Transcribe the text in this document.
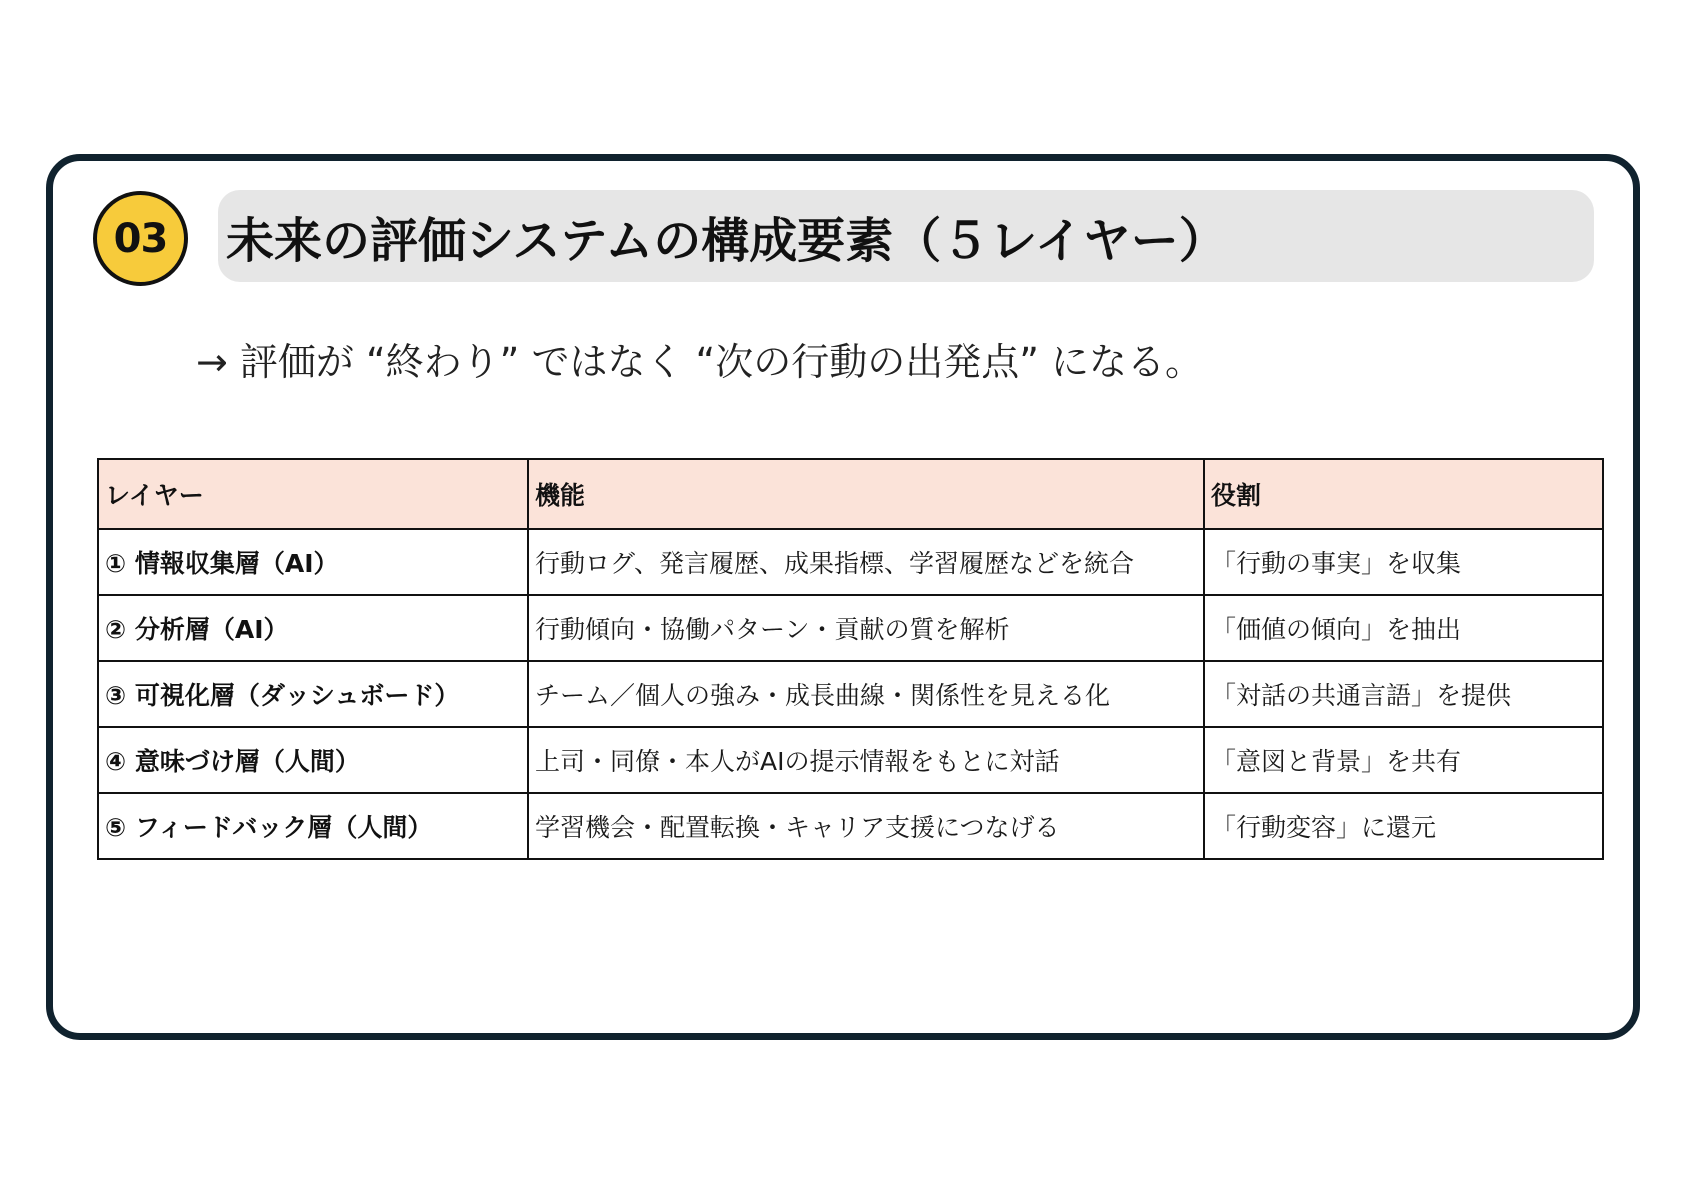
03	未来の評価システムの構成要素（５レイヤー）
→ 評価が “終わり” ではなく “次の行動の出発点” になる。
レイヤー	機能	役割
① 情報収集層（AI）	行動ログ、発言履歴、成果指標、学習履歴などを統合	「行動の事実」を収集
② 分析層（AI）	行動傾向・協働パターン・貢献の質を解析	「価値の傾向」を抽出
③ 可視化層（ダッシュボード）	チーム／個人の強み・成長曲線・関係性を見える化	「対話の共通言語」を提供
④ 意味づけ層（人間）	上司・同僚・本人がAIの提示情報をもとに対話	「意図と背景」を共有
⑤ フィードバック層（人間）	学習機会・配置転換・キャリア支援につなげる	「行動変容」に還元
